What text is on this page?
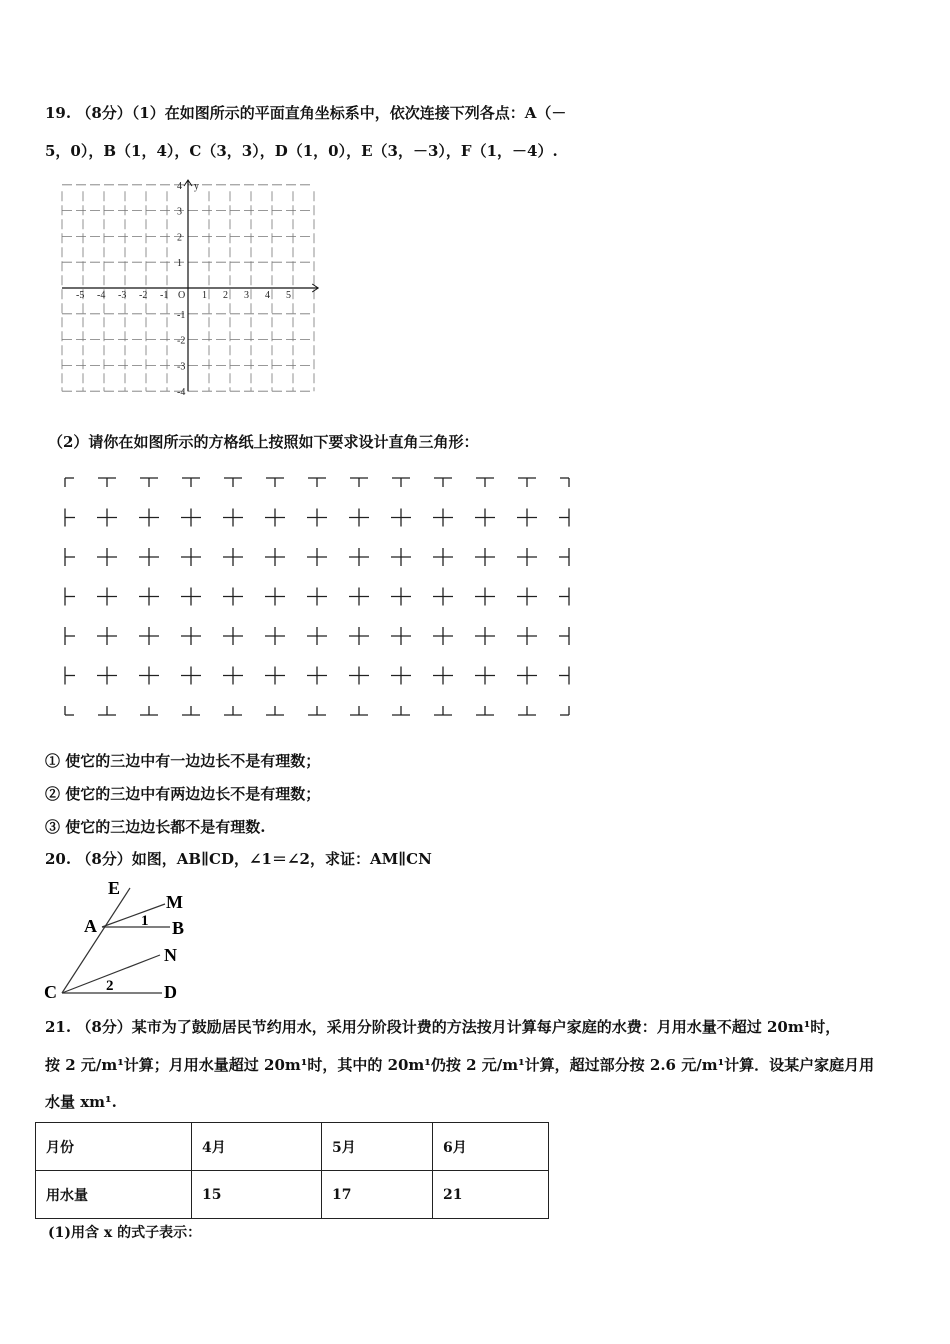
19. （8分）（1）在如图所示的平面直角坐标系中，依次连接下列各点：A（－
5，0），B（1，4），C（3，3），D（1，0），E（3，－3），F（1，－4）.
-5 -4 -3 -2 -1	1 2 3 4 5
4
3
2
1
-1
-2
-3
-4
O
y
（2）请你在如图所示的方格纸上按照如下要求设计直角三角形：
① 使它的三边中有一边边长不是有理数；
② 使它的三边中有两边边长不是有理数；
③ 使它的三边边长都不是有理数.
20. （8分）如图，AB∥CD，∠1＝∠2，求证：AM∥CN
E
M
A	B
N
C	D
1
2
21. （8分）某市为了鼓励居民节约用水，采用分阶段计费的方法按月计算每户家庭的水费：月用水量不超过 20m¹时，
按 2 元/m¹计算；月用水量超过 20m¹时，其中的 20m¹仍按 2 元/m¹计算，超过部分按 2.6 元/m¹计算．设某户家庭月用
水量 xm¹.
月份	4月	5月	6月
用水量	15	17	21
(1)用含 x 的式子表示：
